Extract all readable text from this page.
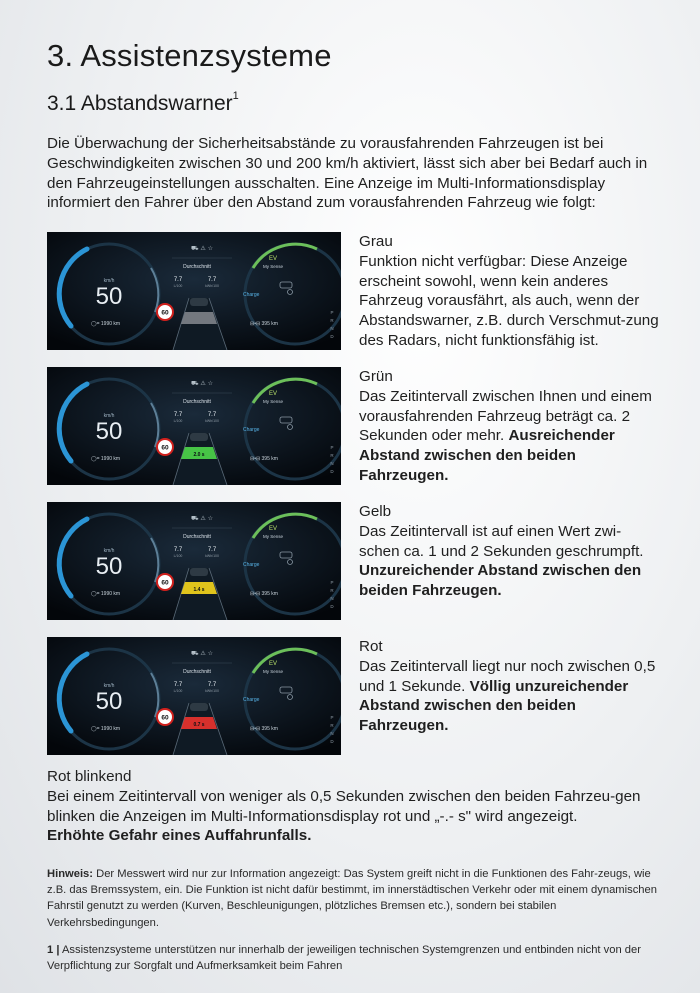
3. Assistenzsysteme
3.1 Abstandswarner$^1$

Die Überwachung der Sicherheitsabstände zu vorausfahrenden Fahrzeugen ist bei Geschwindigkeiten zwischen 30 und 200 km/h aktiviert, lässt sich aber bei Bedarf auch in den Fahrzeugeinstellungen ausschalten. Eine Anzeige im Multi-Informationsdisplay informiert den Fahrer über den Abstand zum vorausfahrenden Fahrzeug wie folgt:

km/h
50
◯= 1990 km
EV
My Sense
Charge
⊟•⊟ 395 km
P
R
N
D
⛟ ⚠ ☆
Durchschnitt
7.7
L/100
7.7
kWh/100
60
Grau
Funktion nicht verfügbar: Diese Anzeige erscheint sowohl, wenn kein anderes Fahrzeug vorausfährt, als auch, wenn der Abstandswarner, z.B. durch Verschmut-zung des Radars, nicht funktionsfähig ist.
km/h
50
◯= 1990 km
EV
My Sense
Charge
⊟•⊟ 395 km
P
R
N
D
⛟ ⚠ ☆
Durchschnitt
7.7
L/100
7.7
kWh/100
2.0 s
60
Grün
Das Zeitintervall zwischen Ihnen und einem vorausfahrenden Fahrzeug beträgt ca. 2 Sekunden oder mehr. Ausreichender Abstand zwischen den beiden Fahrzeugen.
km/h
50
◯= 1990 km
EV
My Sense
Charge
⊟•⊟ 395 km
P
R
N
D
⛟ ⚠ ☆
Durchschnitt
7.7
L/100
7.7
kWh/100
1.4 s
60
Gelb
Das Zeitintervall ist auf einen Wert zwi-schen ca. 1 und 2 Sekunden geschrumpft. Unzureichender Abstand zwischen den beiden Fahrzeugen.
km/h
50
◯= 1990 km
EV
My Sense
Charge
⊟•⊟ 395 km
P
R
N
D
⛟ ⚠ ☆
Durchschnitt
7.7
L/100
7.7
kWh/100
0.7 s
60
Rot
Das Zeitintervall liegt nur noch zwischen 0,5 und 1 Sekunde. Völlig unzureichender Abstand zwischen den beiden Fahrzeugen.
Rot blinkend
Bei einem Zeitintervall von weniger als 0,5 Sekunden zwischen den beiden Fahrzeu-gen blinken die Anzeigen im Multi-Informationsdisplay rot und „-.- s" wird angezeigt.
Erhöhte Gefahr eines Auffahrunfalls.

Hinweis: Der Messwert wird nur zur Information angezeigt: Das System greift nicht in die Funktionen des Fahr-zeugs, wie z.B. das Bremssystem, ein. Die Funktion ist nicht dafür bestimmt, im innerstädtischen Verkehr oder mit einem dynamischen Fahrstil genutzt zu werden (Kurven, Beschleunigungen, plötzliches Bremsen etc.), sondern bei stabilen Verkehrsbedingungen.

1 | Assistenzsysteme unterstützen nur innerhalb der jeweiligen technischen Systemgrenzen und entbinden nicht von der Verpflichtung zur Sorgfalt und Aufmerksamkeit beim Fahren
